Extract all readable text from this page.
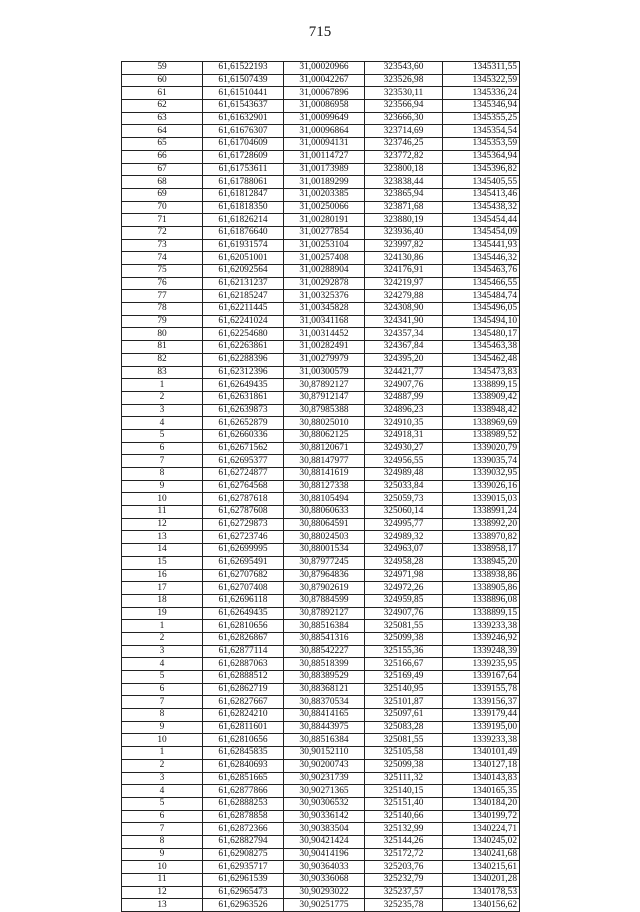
715
59	61,61522193	31,00020966	323543,60	1345311,55
60	61,61507439	31,00042267	323526,98	1345322,59
61	61,61510441	31,00067896	323530,11	1345336,24
62	61,61543637	31,00086958	323566,94	1345346,94
63	61,61632901	31,00099649	323666,30	1345355,25
64	61,61676307	31,00096864	323714,69	1345354,54
65	61,61704609	31,00094131	323746,25	1345353,59
66	61,61728609	31,00114727	323772,82	1345364,94
67	61,61753611	31,00173989	323800,18	1345396,82
68	61,61788061	31,00189299	323838,44	1345405,55
69	61,61812847	31,00203385	323865,94	1345413,46
70	61,61818350	31,00250066	323871,68	1345438,32
71	61,61826214	31,00280191	323880,19	1345454,44
72	61,61876640	31,00277854	323936,40	1345454,09
73	61,61931574	31,00253104	323997,82	1345441,93
74	61,62051001	31,00257408	324130,86	1345446,32
75	61,62092564	31,00288904	324176,91	1345463,76
76	61,62131237	31,00292878	324219,97	1345466,55
77	61,62185247	31,00325376	324279,88	1345484,74
78	61,62211445	31,00345828	324308,90	1345496,05
79	61,62241024	31,00341168	324341,90	1345494,10
80	61,62254680	31,00314452	324357,34	1345480,17
81	61,62263861	31,00282491	324367,84	1345463,38
82	61,62288396	31,00279979	324395,20	1345462,48
83	61,62312396	31,00300579	324421,77	1345473,83
1	61,62649435	30,87892127	324907,76	1338899,15
2	61,62631861	30,87912147	324887,99	1338909,42
3	61,62639873	30,87985388	324896,23	1338948,42
4	61,62652879	30,88025010	324910,35	1338969,69
5	61,62660336	30,88062125	324918,31	1338989,52
6	61,62671562	30,88120671	324930,27	1339020,79
7	61,62695377	30,88147977	324956,55	1339035,74
8	61,62724877	30,88141619	324989,48	1339032,95
9	61,62764568	30,88127338	325033,84	1339026,16
10	61,62787618	30,88105494	325059,73	1339015,03
11	61,62787608	30,88060633	325060,14	1338991,24
12	61,62729873	30,88064591	324995,77	1338992,20
13	61,62723746	30,88024503	324989,32	1338970,82
14	61,62699995	30,88001534	324963,07	1338958,17
15	61,62695491	30,87977245	324958,28	1338945,20
16	61,62707682	30,87964836	324971,98	1338938,86
17	61,62707408	30,87902619	324972,26	1338905,86
18	61,62696118	30,87884599	324959,85	1338896,08
19	61,62649435	30,87892127	324907,76	1338899,15
1	61,62810656	30,88516384	325081,55	1339233,38
2	61,62826867	30,88541316	325099,38	1339246,92
3	61,62877114	30,88542227	325155,36	1339248,39
4	61,62887063	30,88518399	325166,67	1339235,95
5	61,62888512	30,88389529	325169,49	1339167,64
6	61,62862719	30,88368121	325140,95	1339155,78
7	61,62827667	30,88370534	325101,87	1339156,37
8	61,62824210	30,88414165	325097,61	1339179,44
9	61,62811601	30,88443975	325083,28	1339195,00
10	61,62810656	30,88516384	325081,55	1339233,38
1	61,62845835	30,90152110	325105,58	1340101,49
2	61,62840693	30,90200743	325099,38	1340127,18
3	61,62851665	30,90231739	325111,32	1340143,83
4	61,62877866	30,90271365	325140,15	1340165,35
5	61,62888253	30,90306532	325151,40	1340184,20
6	61,62878858	30,90336142	325140,66	1340199,72
7	61,62872366	30,90383504	325132,99	1340224,71
8	61,62882794	30,90421424	325144,26	1340245,02
9	61,62908275	30,90414196	325172,72	1340241,68
10	61,62935717	30,90364033	325203,76	1340215,61
11	61,62961539	30,90336068	325232,79	1340201,28
12	61,62965473	30,90293022	325237,57	1340178,53
13	61,62963526	30,90251775	325235,78	1340156,62
